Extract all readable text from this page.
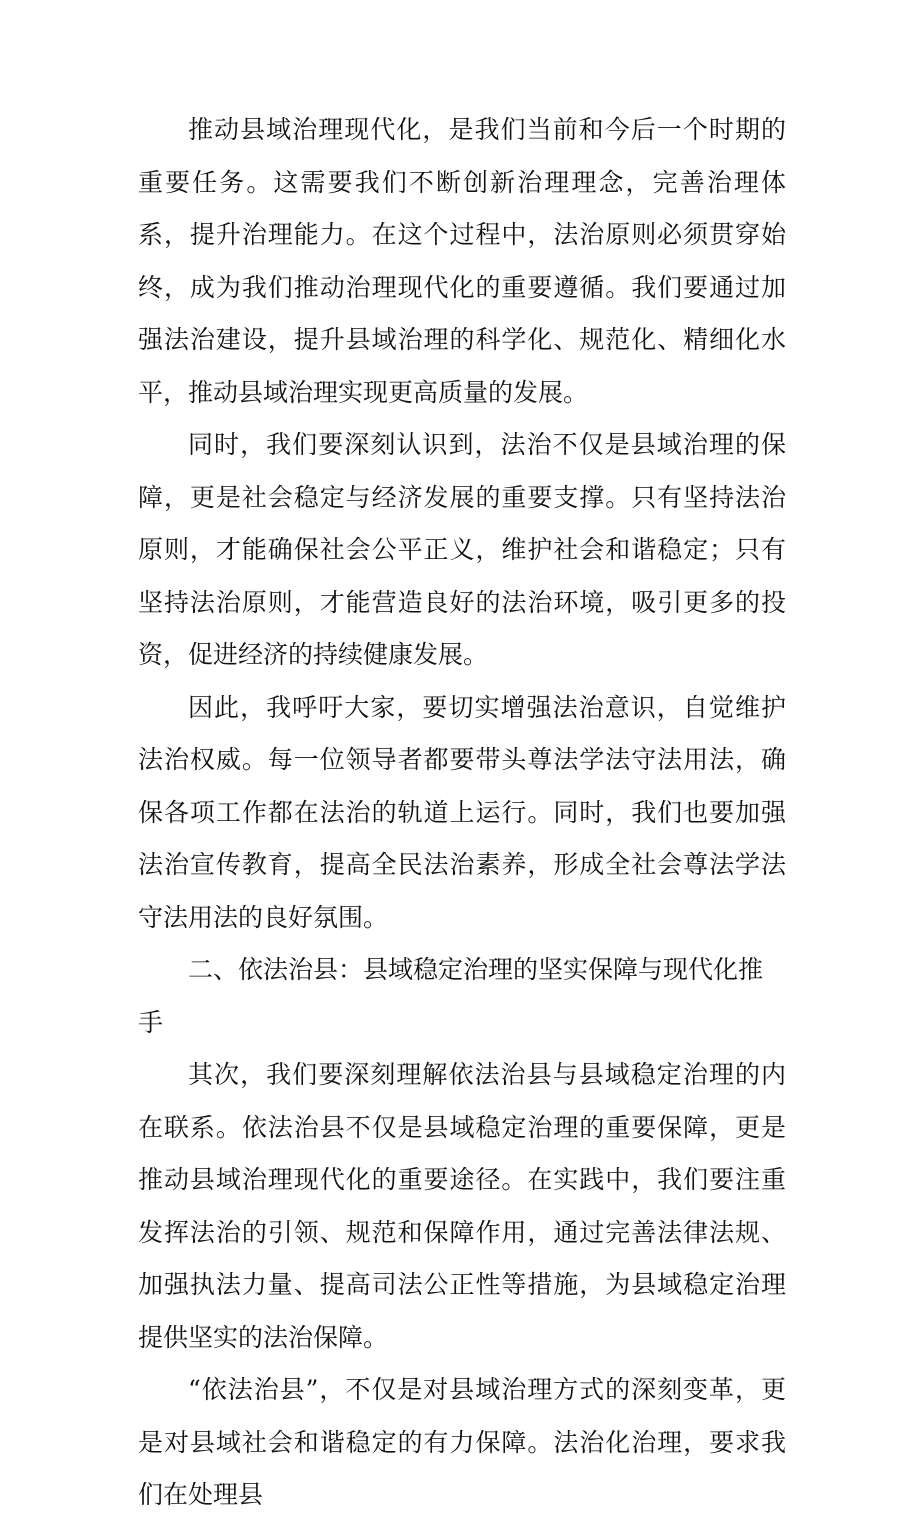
推动县域治理现代化，是我们当前和今后一个时期的重要任务。这需要我们不断创新治理理念，完善治理体系，提升治理能力。在这个过程中，法治原则必须贯穿始终，成为我们推动治理现代化的重要遵循。我们要通过加强法治建设，提升县域治理的科学化、规范化、精细化水平，推动县域治理实现更高质量的发展。

同时，我们要深刻认识到，法治不仅是县域治理的保障，更是社会稳定与经济发展的重要支撑。只有坚持法治原则，才能确保社会公平正义，维护社会和谐稳定；只有坚持法治原则，才能营造良好的法治环境，吸引更多的投资，促进经济的持续健康发展。

因此，我呼吁大家，要切实增强法治意识，自觉维护法治权威。每一位领导者都要带头尊法学法守法用法，确保各项工作都在法治的轨道上运行。同时，我们也要加强法治宣传教育，提高全民法治素养，形成全社会尊法学法守法用法的良好氛围。

二、依法治县：县域稳定治理的坚实保障与现代化推手

其次，我们要深刻理解依法治县与县域稳定治理的内在联系。依法治县不仅是县域稳定治理的重要保障，更是推动县域治理现代化的重要途径。在实践中，我们要注重发挥法治的引领、规范和保障作用，通过完善法律法规、加强执法力量、提高司法公正性等措施，为县域稳定治理提供坚实的法治保障。

“依法治县”，不仅是对县域治理方式的深刻变革，更是对县域社会和谐稳定的有力保障。法治化治理，要求我们在处理县
